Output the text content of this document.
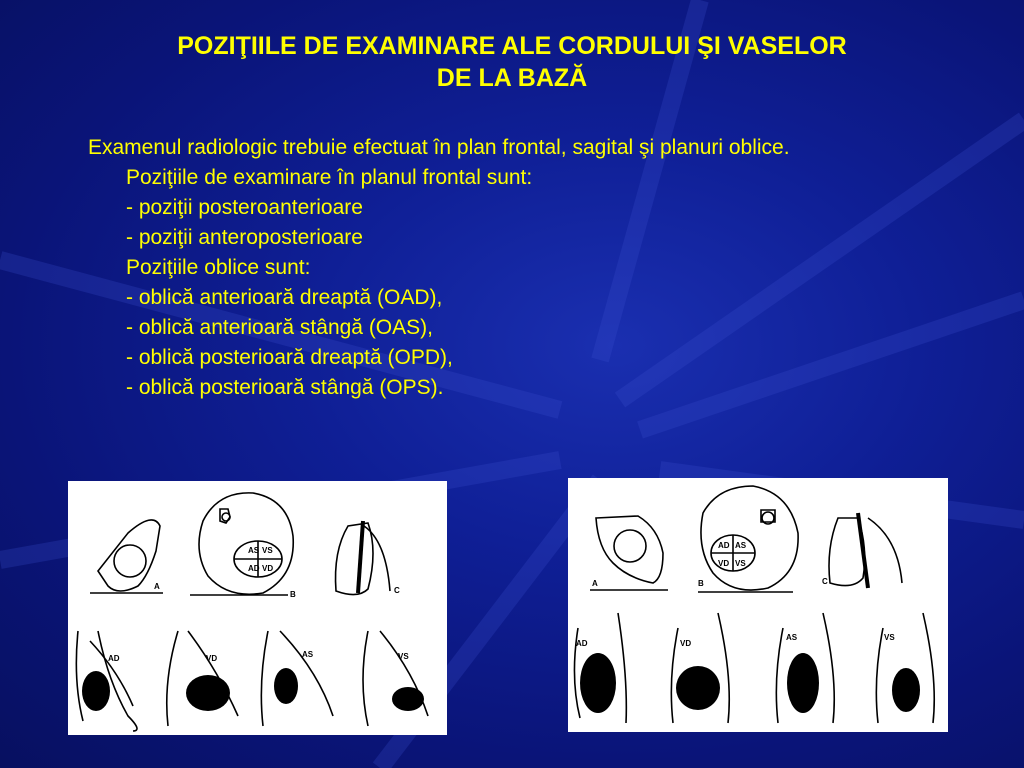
POZIŢIILE DE EXAMINARE ALE CORDULUI ŞI VASELOR
DE LA BAZĂ
Examenul radiologic trebuie efectuat în plan frontal, sagital şi planuri oblice.
Poziţiile de examinare în planul frontal sunt:
- poziţii posteroanterioare
- poziţii anteroposterioare
Poziţiile oblice sunt:
- oblică anterioară dreaptă (OAD),
- oblică anterioară stângă (OAS),
- oblică posterioară dreaptă (OPD),
- oblică posterioară stângă (OPS).
A
B	C
AS VS
AD VD
AD	VD	AS	VS
A	B	C
AD AS
VD VS
AD	VD
AS	VS
